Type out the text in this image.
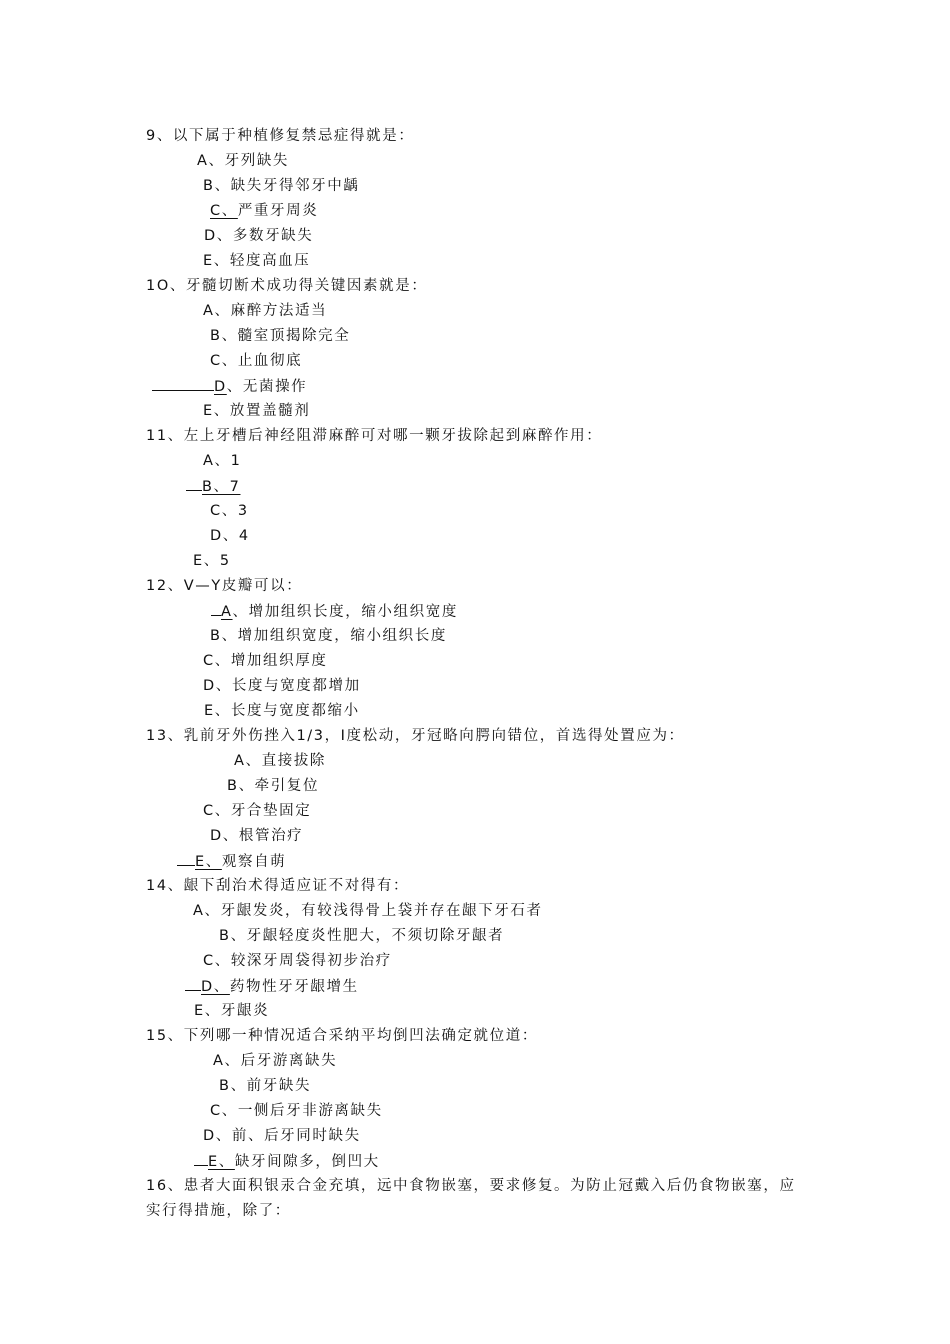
9、以下属于种植修复禁忌症得就是：
A、牙列缺失
B、缺失牙得邻牙中龋
C、严重牙周炎
D、多数牙缺失
E、轻度高血压
1O、牙髓切断术成功得关键因素就是：
A、麻醉方法适当
B、髓室顶揭除完全
C、止血彻底
D、无菌操作
E、放置盖髓剂
11、左上牙槽后神经阻滞麻醉可对哪一颗牙拔除起到麻醉作用：
A、1
B、7
C、3
D、4
E、5
12、V—Y皮瓣可以：
A、增加组织长度，缩小组织宽度
B、增加组织宽度，缩小组织长度
C、增加组织厚度
D、长度与宽度都增加
E、长度与宽度都缩小
13、乳前牙外伤挫入1/3，I度松动，牙冠略向腭向错位，首选得处置应为：
A、直接拔除
B、牵引复位
C、牙合垫固定
D、根管治疗
E、观察自萌
14、龈下刮治术得适应证不对得有：
A、牙龈发炎，有较浅得骨上袋并存在龈下牙石者
B、牙龈轻度炎性肥大，不须切除牙龈者
C、较深牙周袋得初步治疗
D、药物性牙牙龈增生
E、牙龈炎
15、下列哪一种情况适合采纳平均倒凹法确定就位道：
A、后牙游离缺失
B、前牙缺失
C、一侧后牙非游离缺失
D、前、后牙同时缺失
E、缺牙间隙多，倒凹大
16、患者大面积银汞合金充填，远中食物嵌塞，要求修复。为防止冠戴入后仍食物嵌塞，应
实行得措施，除了：
